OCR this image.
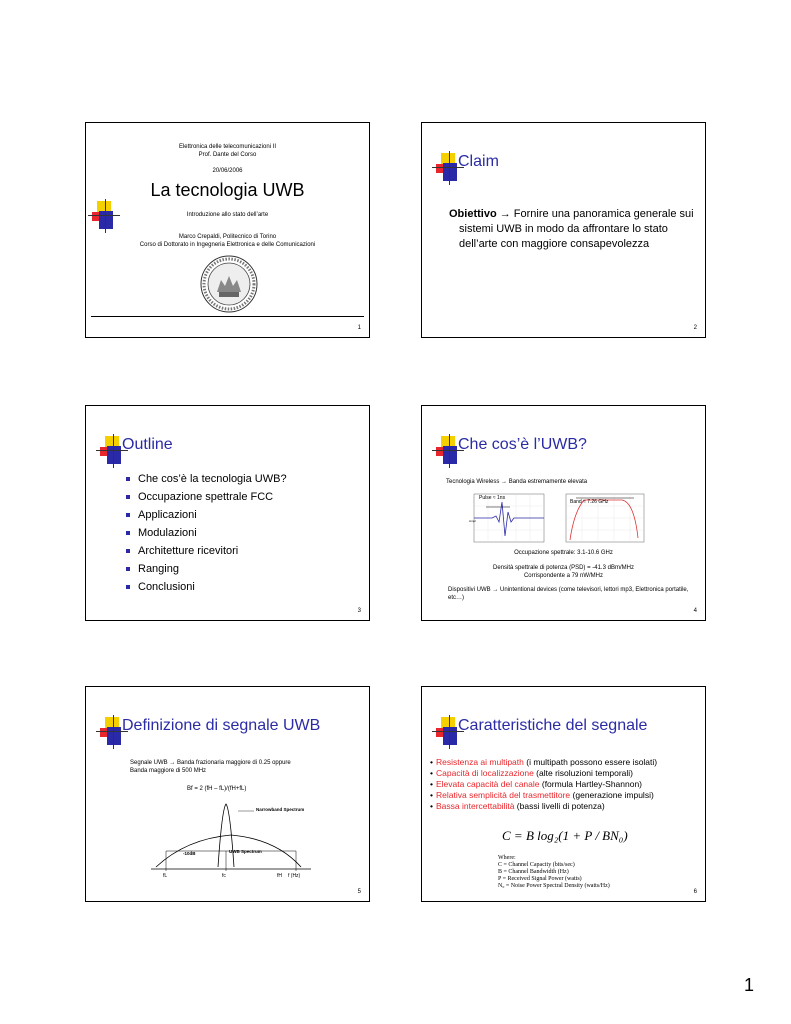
Elettronica delle telecomunicazioni II
Prof. Dante del Corso
20/06/2006
La tecnologia UWB
Introduzione allo stato dell’arte
Marco Crepaldi, Politecnico di Torino
Corso di Dottorato in Ingegneria Elettronica e delle Comunicazioni
1
Claim
Obiettivo → Fornire una panoramica generale sui sistemi UWB in modo da affrontare lo stato dell’arte con maggiore consapevolezza
2
Outline
Che cos’è la tecnologia UWB?
Occupazione spettrale FCC
Applicazioni
Modulazioni
Architetture ricevitori
Ranging
Conclusioni
3
Che cos’è l’UWB?
Tecnologia Wireless → Banda estremamente elevata
Ampl
Pulse ≈ 1ns
Band ≈ 7.26 GHz
Occupazione spettrale: 3.1-10.6 GHz
Densità spettrale di potenza (PSD) = -41.3 dBm/MHz
Corrispondente a 79 nW/MHz
Dispositivi UWB → Unintentional devices (come televisori, lettori mp3, Elettronica portatile, etc…)
4
Definizione di segnale UWB
Segnale UWB → Banda frazionaria maggiore di 0.25 oppure
Banda maggiore di 500 MHz
Bf = 2 (fH – fL)/(fH+fL)
Narrowband Spectrum
UWB Spectrum
-10dB
fL	fc	fH f (Hz)
5
Caratteristiche del segnale
• Resistenza ai multipath (i multipath possono essere isolati)
• Capacità di localizzazione (alte risoluzioni temporali)
• Elevata capacità del canale (formula Hartley-Shannon)
• Relativa semplicità del trasmettitore (generazione impulsi)
• Bassa intercettabilità (bassi livelli di potenza)
C = B log₂(1 + P / BN₀)
Where:
C = Channel Capacity (bits/sec)
B = Channel Bandwidth (Hz)
P = Received Signal Power (watts)
N₀ = Noise Power Spectral Density (watts/Hz)
6
1
